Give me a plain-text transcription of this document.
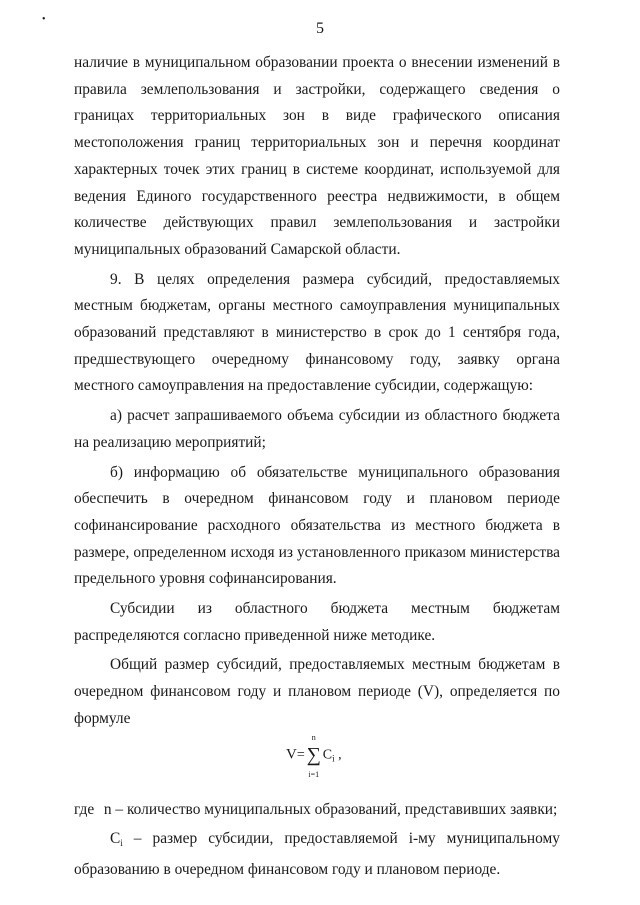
•
5

наличие в муниципальном образовании проекта о внесении изменений в правила землепользования и застройки, содержащего сведения о границах территориальных зон в виде графического описания местоположения границ территориальных зон и перечня координат характерных точек этих границ в системе координат, используемой для ведения Единого государственного реестра недвижимости, в общем количестве действующих правил землепользования и застройки муниципальных образований Самарской области.

9. В целях определения размера субсидий, предоставляемых местным бюджетам, органы местного самоуправления муниципальных образований представляют в министерство в срок до 1 сентября года, предшествующего очередному финансовому году, заявку органа местного самоуправления на предоставление субсидии, содержащую:

а) расчет запрашиваемого объема субсидии из областного бюджета на реализацию мероприятий;

б) информацию об обязательстве муниципального образования обеспечить в очередном финансовом году и плановом периоде софинансирование расходного обязательства из местного бюджета в размере, определенном исходя из установленного приказом министерства предельного уровня софинансирования.

Субсидии из областного бюджета местным бюджетам распределяются согласно приведенной ниже методике.

Общий размер субсидий, предоставляемых местным бюджетам в очередном финансовом году и плановом периоде (V), определяется по формуле

V=
n
∑
i=1
$C_i$ ,

где n – количество муниципальных образований, представивших заявки;

Ci – размер субсидии, предоставляемой i-му муниципальному образованию в очередном финансовом году и плановом периоде.
